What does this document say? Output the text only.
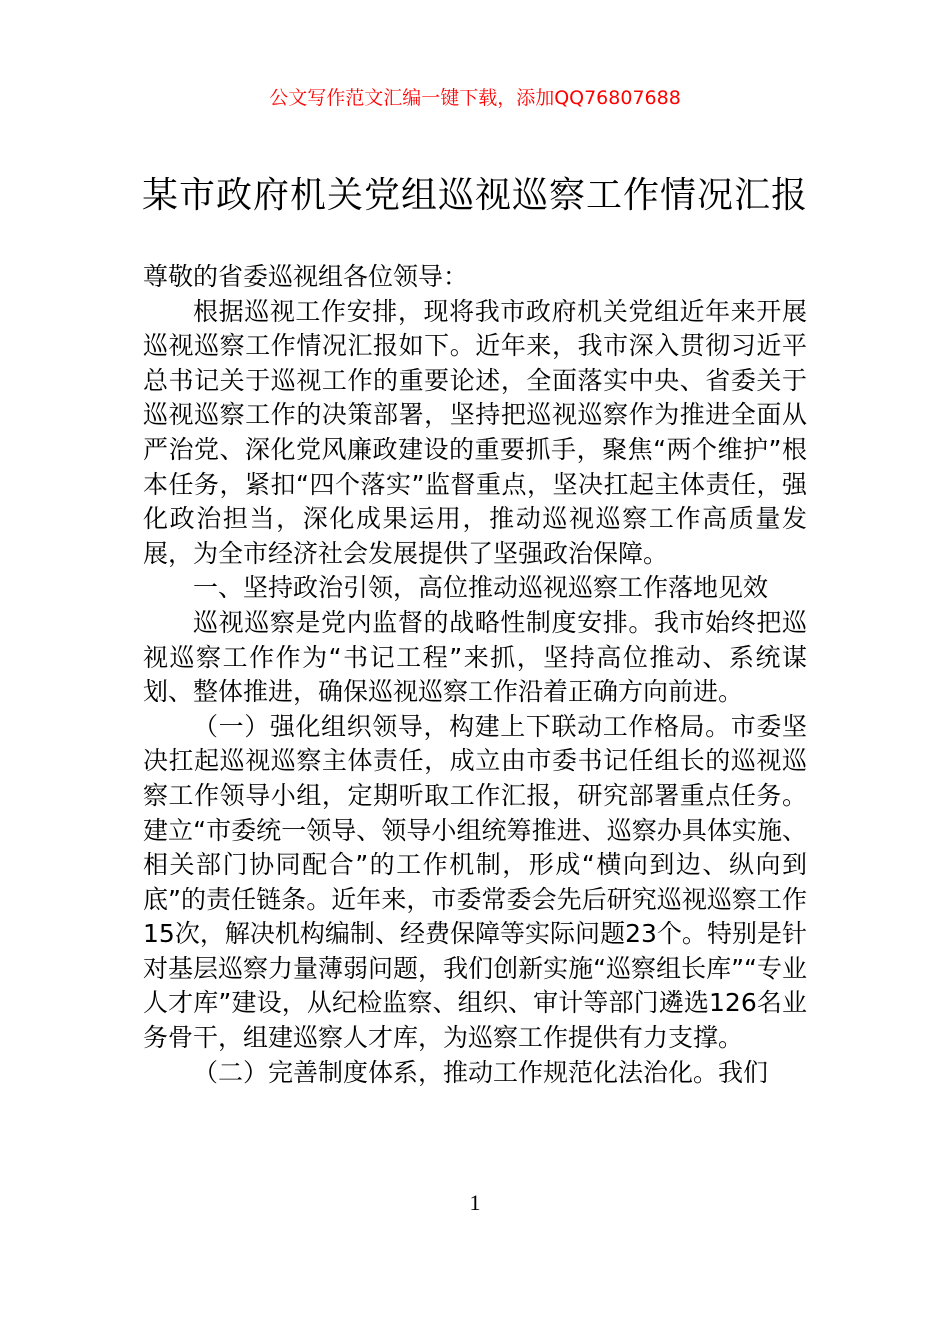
公文写作范文汇编一键下载，添加QQ76807688
某市政府机关党组巡视巡察工作情况汇报

尊敬的省委巡视组各位领导：

根据巡视工作安排，现将我市政府机关党组近年来开展巡视巡察工作情况汇报如下。近年来，我市深入贯彻习近平总书记关于巡视工作的重要论述，全面落实中央、省委关于巡视巡察工作的决策部署，坚持把巡视巡察作为推进全面从严治党、深化党风廉政建设的重要抓手，聚焦“两个维护”根本任务，紧扣“四个落实”监督重点，坚决扛起主体责任，强化政治担当，深化成果运用，推动巡视巡察工作高质量发展，为全市经济社会发展提供了坚强政治保障。

一、坚持政治引领，高位推动巡视巡察工作落地见效

巡视巡察是党内监督的战略性制度安排。我市始终把巡视巡察工作作为“书记工程”来抓，坚持高位推动、系统谋划、整体推进，确保巡视巡察工作沿着正确方向前进。

（一）强化组织领导，构建上下联动工作格局。市委坚决扛起巡视巡察主体责任，成立由市委书记任组长的巡视巡察工作领导小组，定期听取工作汇报，研究部署重点任务。建立“市委统一领导、领导小组统筹推进、巡察办具体实施、相关部门协同配合”的工作机制，形成“横向到边、纵向到底”的责任链条。近年来，市委常委会先后研究巡视巡察工作15次，解决机构编制、经费保障等实际问题23个。特别是针对基层巡察力量薄弱问题，我们创新实施“巡察组长库”“专业人才库”建设，从纪检监察、组织、审计等部门遴选126名业务骨干，组建巡察人才库，为巡察工作提供有力支撑。

（二）完善制度体系，推动工作规范化法治化。我们

1
